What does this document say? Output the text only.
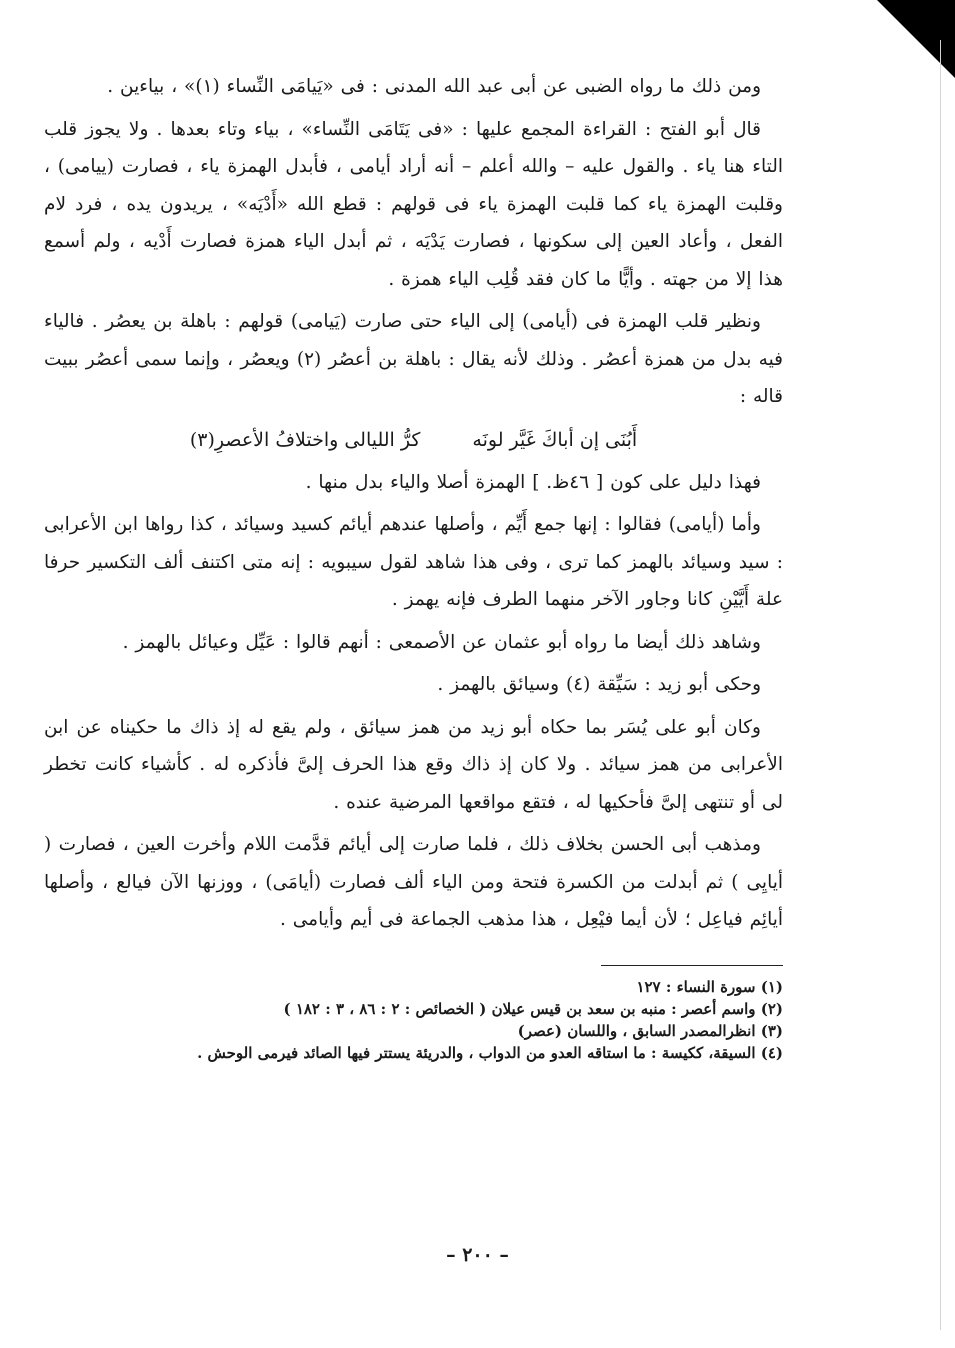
ومن ذلك ما رواه الضبى عن أبى عبد الله المدنى : فى «يَيامَى النِّساء (١)» ، بياءين .

قال أبو الفتح : القراءة المجمع عليها : «فى يَتَامَى النِّساء» ، بياء وتاء بعدها . ولا يجوز قلب التاء هنا ياء . والقول عليه – والله أعلم – أنه أراد أيامى ، فأبدل الهمزة ياء ، فصارت (ييامى) ، وقلبت الهمزة ياء كما قلبت الهمزة ياء فى قولهم : قطع الله «أَدْيَه» ، يريدون يده ، فرد لام الفعل ، وأعاد العين إلى سكونها ، فصارت يَدْيَه ، ثم أبدل الياء همزة فصارت أَدْيه ، ولم أسمع هذا إلا من جهته . وأيًّا ما كان فقد قُلِب الياء همزة .

ونظير قلب الهمزة فى (أيامى) إلى الياء حتى صارت (يَيامى) قولهم : باهلة بن يعصُر . فالياء فيه بدل من همزة أعصُر . وذلك لأنه يقال : باهلة بن أعصُر (٢) ويعصُر ، وإنما سمى أعصُر ببيت قاله :

أَبُنَى إن أباكَ غَيَّر لونَه
كرُّ الليالى واختلافُ الأعصرِ(٣)

فهذا دليل على كون [ ٤٦ظ. ] الهمزة أصلا والياء بدل منها .

وأما (أيامى) فقالوا : إنها جمع أَيِّم ، وأصلها عندهم أيائم كسيد وسيائد ، كذا رواها ابن الأعرابى : سيد وسيائد بالهمز كما ترى ، وفى هذا شاهد لقول سيبويه : إنه متى اكتنف ألف التكسير حرفا علة أَيَّيْنِ كانا وجاور الآخر منهما الطرف فإنه يهمز .

وشاهد ذلك أيضا ما رواه أبو عثمان عن الأصمعى : أنهم قالوا : عَيِّل وعيائل بالهمز .

وحكى أبو زيد : سَيِّقة (٤) وسيائق بالهمز .

وكان أبو على يُسَر بما حكاه أبو زيد من همز سيائق ، ولم يقع له إذ ذاك ما حكيناه عن ابن الأعرابى من همز سيائد . ولا كان إذ ذاك وقع هذا الحرف إلىَّ فأذكره له . كأشياء كانت تخطر لى أو تنتهى إلىَّ فأحكيها له ، فتقع مواقعها المرضية عنده .

ومذهب أبى الحسن بخلاف ذلك ، فلما صارت إلى أيائم قدَّمت اللام وأخرت العين ، فصارت ( أيايِى ) ثم أبدلت من الكسرة فتحة ومن الياء ألف فصارت (أيامَى) ، ووزنها الآن فيالع ، وأصلها أيائِم فياعِل ؛ لأن أيما فيْعِل ، هذا مذهب الجماعة فى أيم وأيامى .

(١) سورة النساء : ١٢٧

(٢) واسم أعصر : منبه بن سعد بن قيس عيلان ( الخصائص : ٢ : ٨٦ ، ٣ : ١٨٢ )

(٣) انظرالمصدر السابق ، واللسان (عصر)

(٤) السيقة، ككيسة : ما استاقه العدو من الدواب ، والدريئة يستتر فيها الصائد فيرمى الوحش .

– ٢٠٠ –
